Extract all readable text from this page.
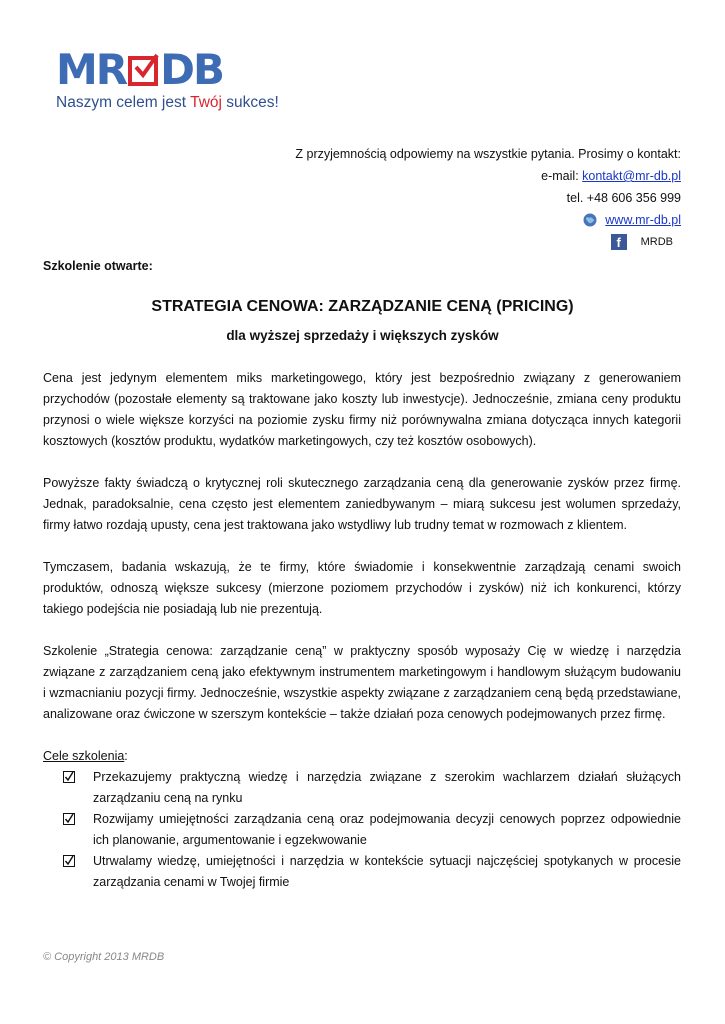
MR DB
Naszym celem jest Twój sukces!
Z przyjemnością odpowiemy na wszystkie pytania. Prosimy o kontakt:
e-mail:
kontakt@mr-db.pl
tel. +48 606 356 999
www.mr-db.pl
f	MRDB
Szkolenie otwarte:
STRATEGIA CENOWA: ZARZĄDZANIE CENĄ (PRICING)
dla wyższej sprzedaży i większych zysków

Cena jest jedynym elementem miks marketingowego, który jest bezpośrednio związany z generowaniem przychodów (pozostałe elementy są traktowane jako koszty lub inwestycje). Jednocześnie, zmiana ceny produktu przynosi o wiele większe korzyści na poziomie zysku firmy niż porównywalna zmiana dotycząca innych kategorii kosztowych (kosztów produktu, wydatków marketingowych, czy też kosztów osobowych).

Powyższe fakty świadczą o krytycznej roli skutecznego zarządzania ceną dla generowanie zysków przez firmę. Jednak, paradoksalnie, cena często jest elementem zaniedbywanym – miarą sukcesu jest wolumen sprzedaży, firmy łatwo rozdają upusty, cena jest traktowana jako wstydliwy lub trudny temat w rozmowach z klientem.

Tymczasem, badania wskazują, że te firmy, które świadomie i konsekwentnie zarządzają cenami swoich produktów, odnoszą większe sukcesy (mierzone poziomem przychodów i zysków) niż ich konkurenci, którzy takiego podejścia nie posiadają lub nie prezentują.

Szkolenie „Strategia cenowa: zarządzanie ceną” w praktyczny sposób wyposaży Cię w wiedzę i narzędzia związane z zarządzaniem ceną jako efektywnym instrumentem marketingowym i handlowym służącym budowaniu i wzmacnianiu pozycji firmy. Jednocześnie, wszystkie aspekty związane z zarządzaniem ceną będą przedstawiane, analizowane oraz ćwiczone w szerszym kontekście – także działań poza cenowych podejmowanych przez firmę.

Cele szkolenia:
Przekazujemy praktyczną wiedzę i narzędzia związane z szerokim wachlarzem działań służących zarządzaniu ceną na rynku
Rozwijamy umiejętności zarządzania ceną oraz podejmowania decyzji cenowych poprzez odpowiednie ich planowanie, argumentowanie i egzekwowanie
Utrwalamy wiedzę, umiejętności i narzędzia w kontekście sytuacji najczęściej spotykanych w procesie zarządzania cenami w Twojej firmie
© Copyright 2013 MRDB
